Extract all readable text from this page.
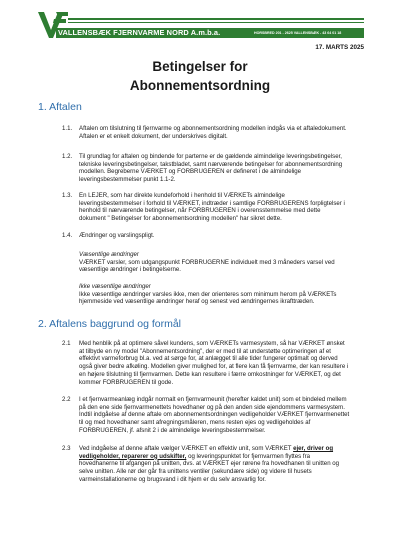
VALLENSBÆK FJERNVARME NORD A.m.b.a.	HORSBRED 201 - 2625 VALLENSBÆK - 43 64 01 18
17. MARTS 2025
Betingelser for
Abonnementsordning
1. Aftalen
1.1. Aftalen om tilslutning til fjernvarme og abonnementsordning modellen indgås via et aftaledokument.
Aftalen er et enkelt dokument, der underskrives digitalt.
1.2. Til grundlag for aftalen og bindende for parterne er de gældende almindelige leveringsbetingelser,
tekniske leveringsbetingelser, takstbladet, samt nærværende betingelser for abonnementsordning
modellen. Begreberne VÆRKET og FORBRUGEREN er defineret i de almindelige
leveringsbestemmelser punkt 1.1-2.
1.3. En LEJER, som har direkte kundeforhold i henhold til VÆRKETs almindelige
leveringsbestemmelser i forhold til VÆRKET, indtræder i samtlige FORBRUGERENS forpligtelser i
henhold til nærværende betingelser, når FORBRUGEREN i overensstemmelse med dette
dokument " Betingelser for abonnementsordning modellen" har sikret dette.
1.4. Ændringer og varslingspligt.
Væsentlige ændringer
VÆRKET varsler, som udgangspunkt FORBRUGERNE individuelt med 3 måneders varsel ved
væsentlige ændringer i betingelserne.
Ikke væsentlige ændringer
Ikke væsentlige ændringer varsles ikke, men der orienteres som minimum herom på VÆRKETs
hjemmeside ved væsentlige ændringer heraf og senest ved ændringernes ikrafttræden.
2. Aftalens baggrund og formål
2.1 Med henblik på at optimere såvel kundens, som VÆRKETs varmesystem, så har VÆRKET ønsket
at tilbyde en ny model "Abonnementsordning", der er med til at understøtte optimeringen af et
effektivt varmeforbrug bl.a. ved at sørge for, at anlægget til alle tider fungerer optimalt og derved
også giver bedre afkøling. Modellen giver mulighed for, at flere kan få fjernvarme, der kan resultere i
en højere tilslutning til fjernvarmen. Dette kan resultere i færre omkostninger for VÆRKET, og det
kommer FORBRUGEREN til gode.
2.2 I et fjernvarmeanlæg indgår normalt en fjernvarmeunit (herefter kaldet unit) som et bindeled mellem
på den ene side fjernvarmenettets hovedhaner og på den anden side ejendommens varmesystem.
Indtil indgåelse af denne aftale om abonnementsordningen vedligeholder VÆRKET fjernvarmenettet
til og med hovedhaner samt afregningsmåleren, mens resten ejes og vedligeholdes af
FORBRUGEREN, jf. afsnit 2 i de almindelige leveringsbestemmelser.
2.3 Ved indgåelse af denne aftale vælger VÆRKET en effektiv unit, som VÆRKET ejer, driver og
vedligeholder, reparerer og udskifter, og leveringspunktet for fjernvarmen flyttes fra
hovedhanerne til afgangen på unitten, dvs. at VÆRKET ejer rørene fra hovedhanen til unitten og
selve unitten. Alle rør der går fra unittens ventiler (sekundære side) og videre til husets
varmeinstallationerne og brugsvand i dit hjem er du selv ansvarlig for.
